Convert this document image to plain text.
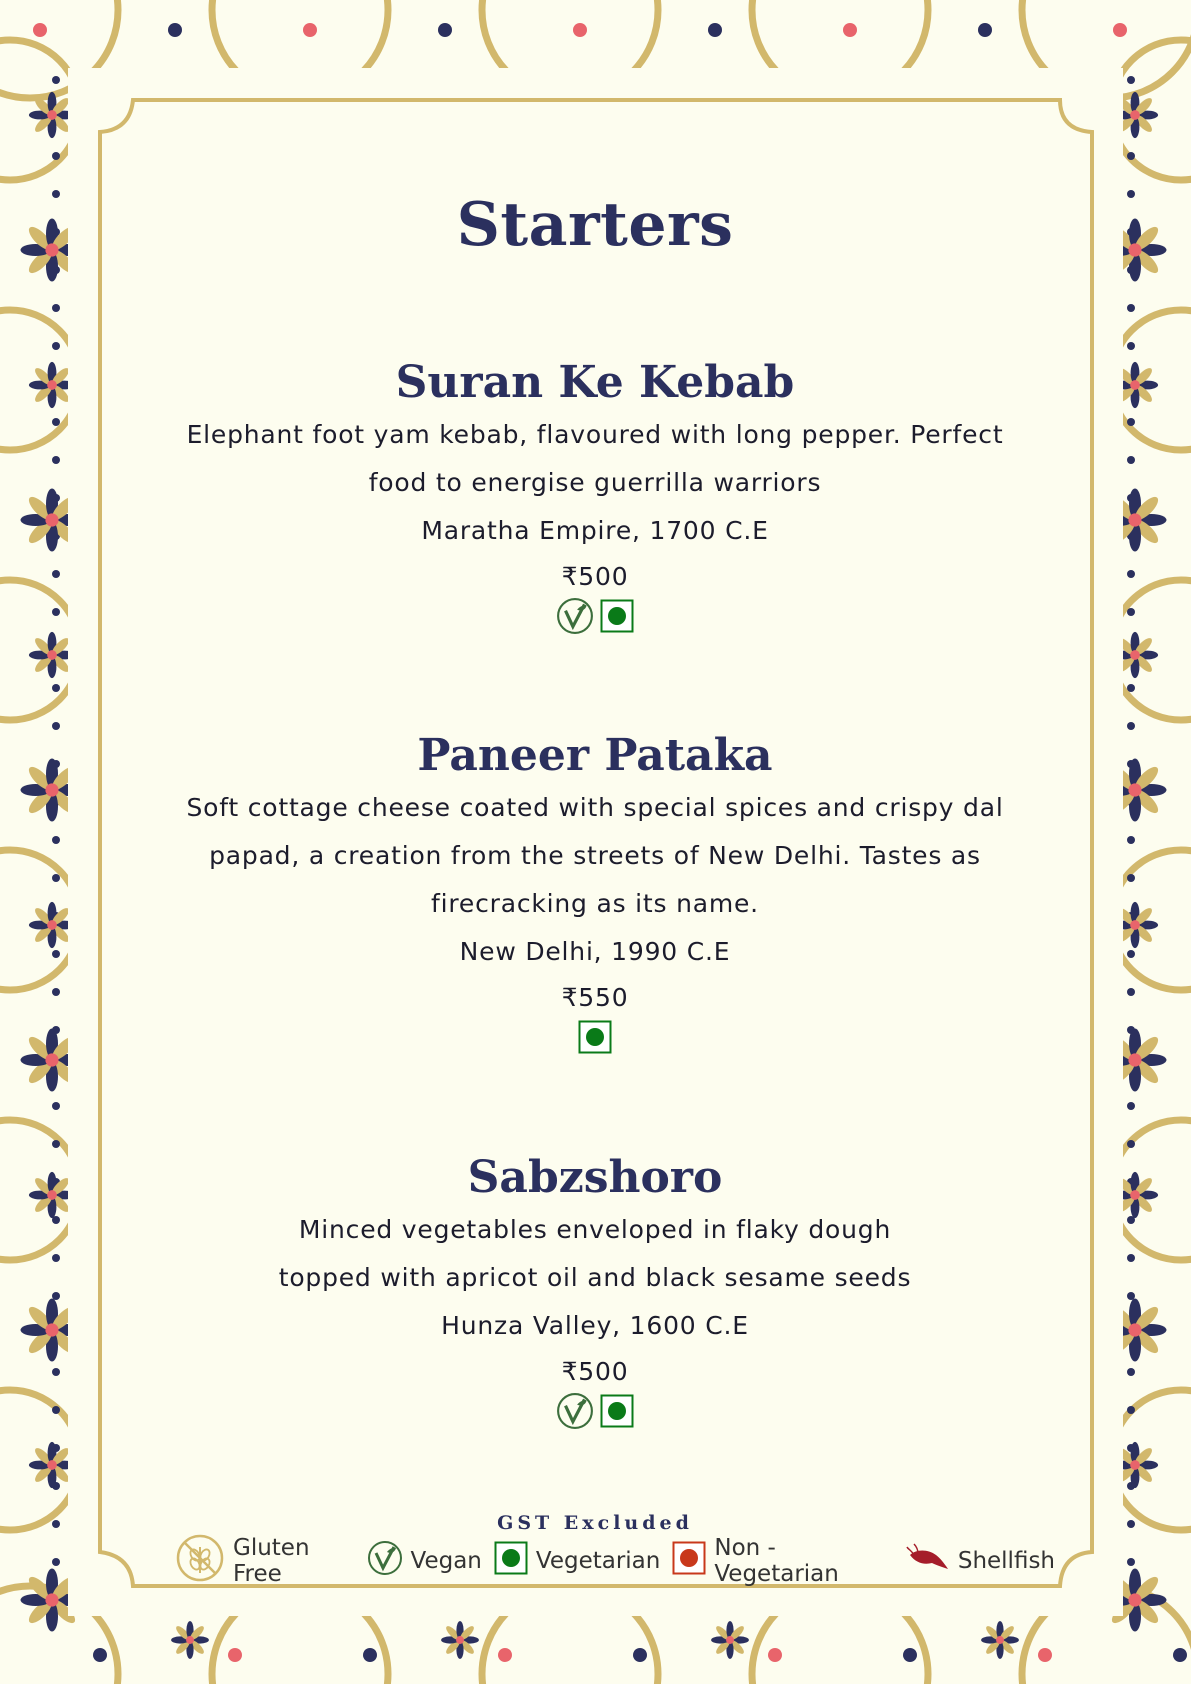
Starters
Suran Ke Kebab
Elephant foot yam kebab, flavoured with long pepper. Perfect
food to energise guerrilla warriors
Maratha Empire, 1700 C.E
₹500
Paneer Pataka
Soft cottage cheese coated with special spices and crispy dal
papad, a creation from the streets of New Delhi. Tastes as
firecracking as its name.
New Delhi, 1990 C.E
₹550
Sabzshoro
Minced vegetables enveloped in flaky dough
topped with apricot oil and black sesame seeds
Hunza Valley, 1600 C.E
₹500
GST Excluded
Gluten Free	Vegan Vegetarian Non - Vegetarian	Shellfish
